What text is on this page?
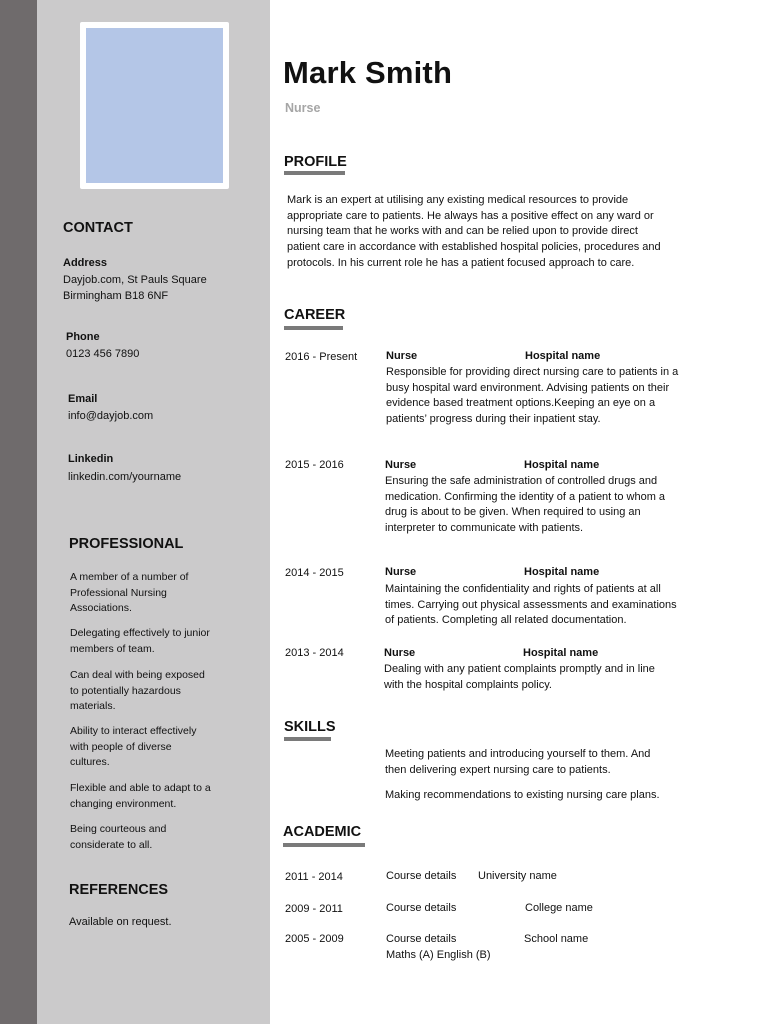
CONTACT
Address
Dayjob.com, St Pauls Square
Birmingham B18 6NF
Phone
0123 456 7890
Email
info@dayjob.com
Linkedin
linkedin.com/yourname
PROFESSIONAL
A member of a number of
Professional Nursing
Associations.
Delegating effectively to junior
members of team.
Can deal with being exposed
to potentially hazardous
materials.
Ability to interact effectively
with people of diverse
cultures.
Flexible and able to adapt to a
changing environment.
Being courteous and
considerate to all.
REFERENCES
Available on request.
Mark Smith
Nurse
PROFILE
Mark is an expert at utilising any existing medical resources to provide
appropriate care to patients. He always has a positive effect on any ward or
nursing team that he works with and can be relied upon to provide direct
patient care in accordance with established hospital policies, procedures and
protocols. In his current role he has a patient focused approach to care.
CAREER
2016 - Present	Nurse	Hospital name
Responsible for providing direct nursing care to patients in a
busy hospital ward environment. Advising patients on their
evidence based treatment options.Keeping an eye on a
patients’ progress during their inpatient stay.
2015 - 2016	Nurse	Hospital name
Ensuring the safe administration of controlled drugs and
medication. Confirming the identity of a patient to whom a
drug is about to be given. When required to using an
interpreter to communicate with patients.
2014 - 2015	Nurse	Hospital name
Maintaining the confidentiality and rights of patients at all
times. Carrying out physical assessments and examinations
of patients. Completing all related documentation.
2013 - 2014	Nurse	Hospital name
Dealing with any patient complaints promptly and in line
with the hospital complaints policy.
SKILLS
Meeting patients and introducing yourself to them. And
then delivering expert nursing care to patients.
Making recommendations to existing nursing care plans.
ACADEMIC
2011 - 2014	Course details University name
2009 - 2011	Course details	College name
2005 - 2009	Course details	School name
Maths (A) English (B)
